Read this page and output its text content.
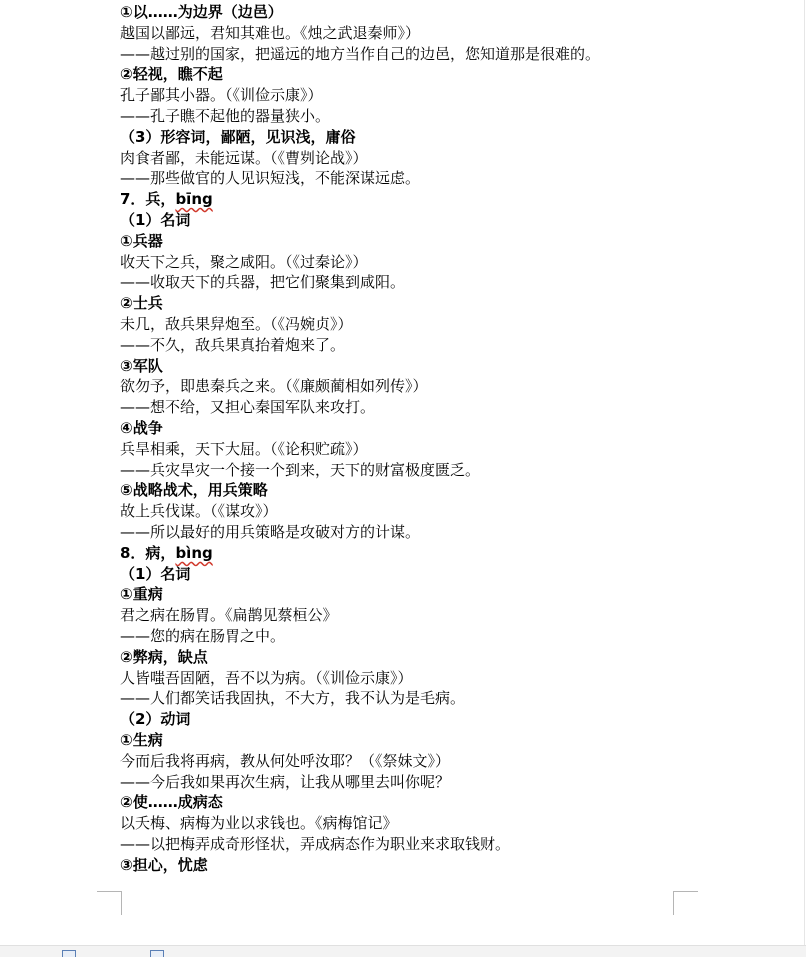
①以……为边界（边邑）
越国以鄙远，君知其难也。《烛之武退秦师》）
——越过别的国家，把遥远的地方当作自己的边邑，您知道那是很难的。
②轻视，瞧不起
孔子鄙其小器。（《训俭示康》）
——孔子瞧不起他的器量狭小。
（3）形容词，鄙陋，见识浅，庸俗
肉食者鄙，未能远谋。（《曹刿论战》）
——那些做官的人见识短浅，不能深谋远虑。
7．兵，bīng
（1）名词
①兵器
收天下之兵，聚之咸阳。（《过秦论》）
——收取天下的兵器，把它们聚集到咸阳。
②士兵
未几，敌兵果舁炮至。（《冯婉贞》）
——不久，敌兵果真抬着炮来了。
③军队
欲勿予，即患秦兵之来。（《廉颇蔺相如列传》）
——想不给，又担心秦国军队来攻打。
④战争
兵旱相乘，天下大屈。（《论积贮疏》）
——兵灾旱灾一个接一个到来，天下的财富极度匮乏。
⑤战略战术，用兵策略
故上兵伐谋。（《谋攻》）
——所以最好的用兵策略是攻破对方的计谋。
8．病，bìng
（1）名词
①重病
君之病在肠胃。《扁鹊见蔡桓公》
——您的病在肠胃之中。
②弊病，缺点
人皆嗤吾固陋，吾不以为病。（《训俭示康》）
——人们都笑话我固执，不大方，我不认为是毛病。
（2）动词
①生病
今而后我将再病，教从何处呼汝耶？（《祭妹文》）
——今后我如果再次生病，让我从哪里去叫你呢？
②使……成病态
以夭梅、病梅为业以求钱也。《病梅馆记》
——以把梅弄成奇形怪状，弄成病态作为职业来求取钱财。
③担心，忧虑
